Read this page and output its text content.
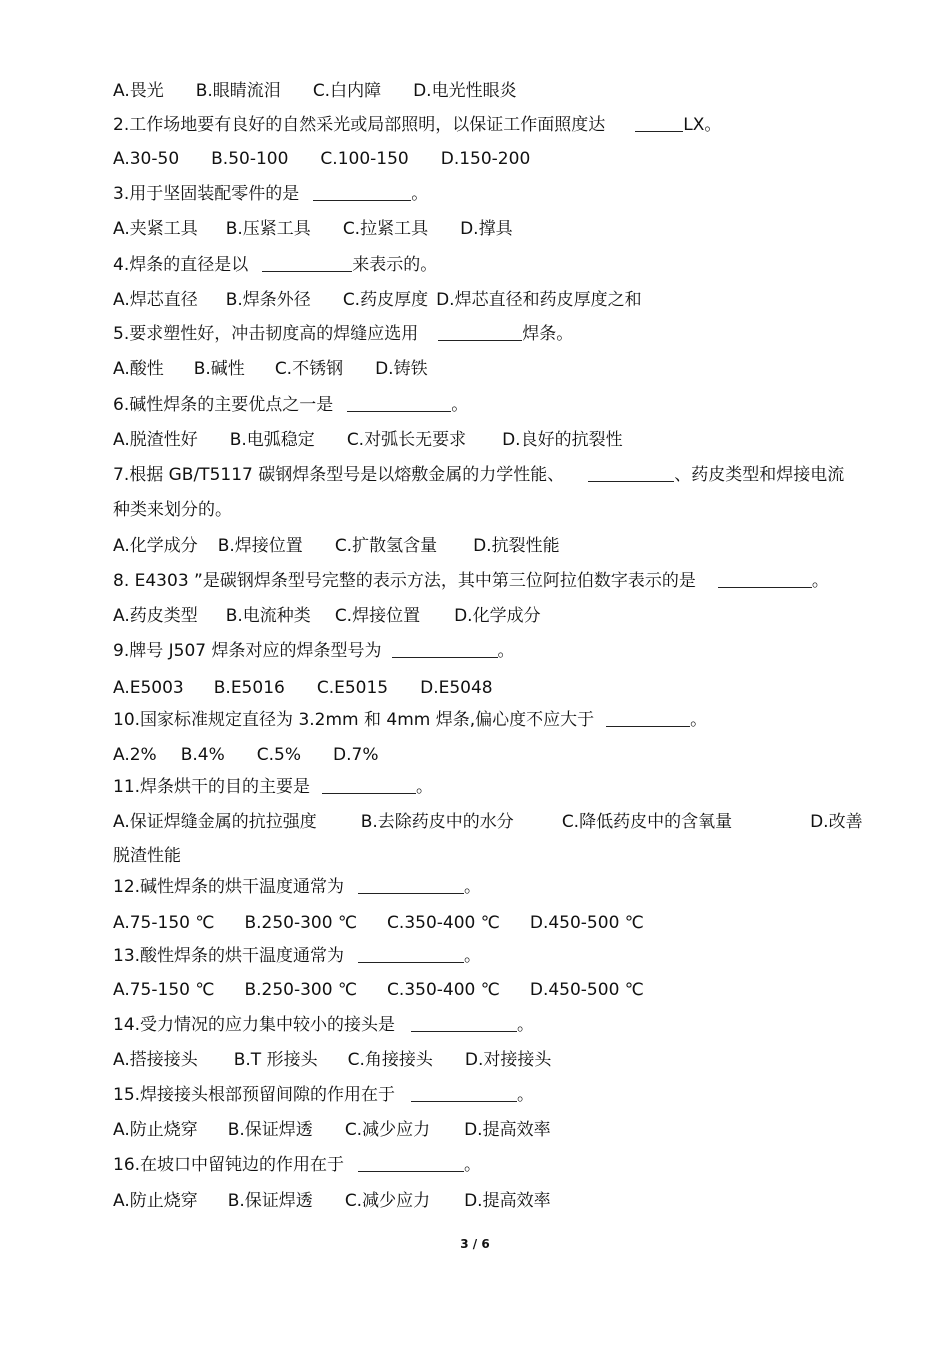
A.畏光 B.眼睛流泪 C.白内障 D.电光性眼炎
2.工作场地要有良好的自然采光或局部照明，以保证工作面照度达	LX。
A.30-50 B.50-100 C.100-150 D.150-200
3.用于坚固装配零件的是	。
A.夹紧工具 B.压紧工具 C.拉紧工具 D.撑具
4.焊条的直径是以	来表示的。
A.焊芯直径 B.焊条外径 C.药皮厚度 D.焊芯直径和药皮厚度之和
5.要求塑性好，冲击韧度高的焊缝应选用	焊条。
A.酸性 B.碱性 C.不锈钢 D.铸铁
6.碱性焊条的主要优点之一是	。
A.脱渣性好 B.电弧稳定 C.对弧长无要求 D.良好的抗裂性
7.根据 GB/T5117 碳钢焊条型号是以熔敷金属的力学性能、	、药皮类型和焊接电流
种类来划分的。
A.化学成分 B.焊接位置 C.扩散氢含量 D.抗裂性能
8. E4303 ”是碳钢焊条型号完整的表示方法，其中第三位阿拉伯数字表示的是	。
A.药皮类型 B.电流种类 C.焊接位置 D.化学成分
9.牌号 J507 焊条对应的焊条型号为	。
A.E5003 B.E5016 C.E5015 D.E5048
10.国家标准规定直径为 3.2mm 和 4mm 焊条,偏心度不应大于	。
A.2% B.4% C.5% D.7%
11.焊条烘干的目的主要是	。
A.保证焊缝金属的抗拉强度	B.去除药皮中的水分	C.降低药皮中的含氧量	D.改善脱渣性能
12.碱性焊条的烘干温度通常为	。
A.75-150 ℃ B.250-300 ℃ C.350-400 ℃ D.450-500 ℃
13.酸性焊条的烘干温度通常为	。
A.75-150 ℃ B.250-300 ℃ C.350-400 ℃ D.450-500 ℃
14.受力情况的应力集中较小的接头是	。
A.搭接接头 B.T 形接头 C.角接接头 D.对接接头
15.焊接接头根部预留间隙的作用在于	。
A.防止烧穿 B.保证焊透 C.减少应力 D.提高效率
16.在坡口中留钝边的作用在于	。
A.防止烧穿 B.保证焊透 C.减少应力 D.提高效率
3 / 6
